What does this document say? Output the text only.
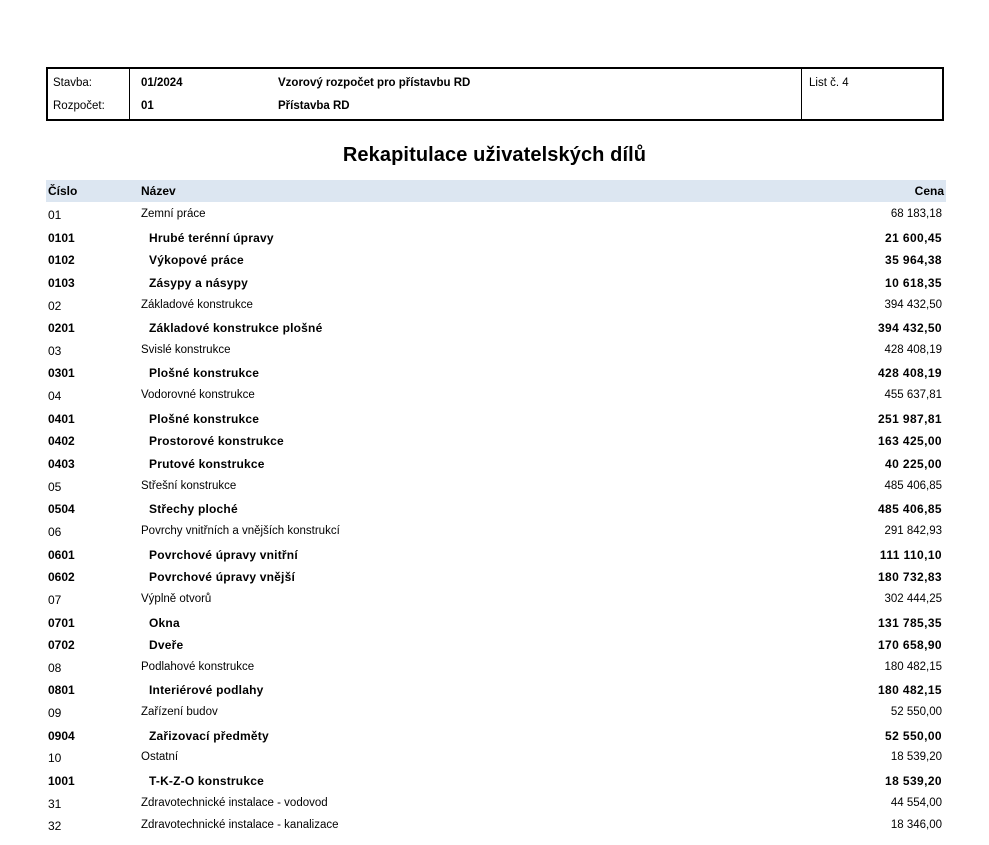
Stavba:	01/2024	Vzorový rozpočet pro přístavbu RD	List č. 4
Rozpočet:	01	Přístavba RD
Rekapitulace uživatelských dílů
Číslo	Název	Cena
01	Zemní práce	68 183,18
0101	Hrubé terénní úpravy	21 600,45
0102	Výkopové práce	35 964,38
0103	Zásypy a násypy	10 618,35
02	Základové konstrukce	394 432,50
0201	Základové konstrukce plošné	394 432,50
03	Svislé konstrukce	428 408,19
0301	Plošné konstrukce	428 408,19
04	Vodorovné konstrukce	455 637,81
0401	Plošné konstrukce	251 987,81
0402	Prostorové konstrukce	163 425,00
0403	Prutové konstrukce	40 225,00
05	Střešní konstrukce	485 406,85
0504	Střechy ploché	485 406,85
06	Povrchy vnitřních a vnějších konstrukcí	291 842,93
0601	Povrchové úpravy vnitřní	111 110,10
0602	Povrchové úpravy vnější	180 732,83
07	Výplně otvorů	302 444,25
0701	Okna	131 785,35
0702	Dveře	170 658,90
08	Podlahové konstrukce	180 482,15
0801	Interiérové podlahy	180 482,15
09	Zařízení budov	52 550,00
0904	Zařizovací předměty	52 550,00
10	Ostatní	18 539,20
1001	T-K-Z-O konstrukce	18 539,20
31	Zdravotechnické instalace - vodovod	44 554,00
32	Zdravotechnické instalace - kanalizace	18 346,00
